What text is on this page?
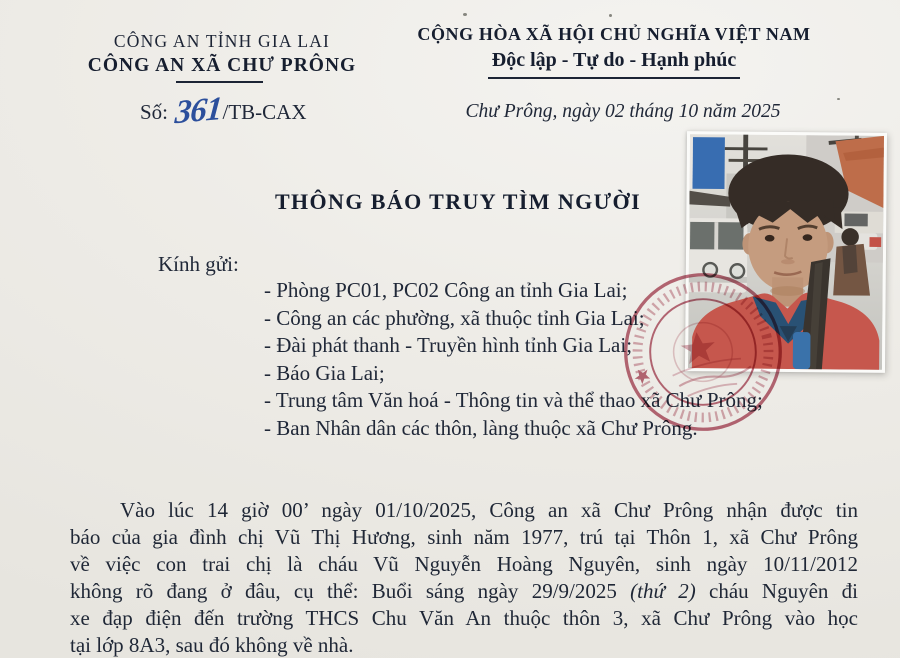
CÔNG AN TỈNH GIA LAI
CÔNG AN XÃ CHƯ PRÔNG
Số: 361 /TB-CAX
CỘNG HÒA XÃ HỘI CHỦ NGHĨA VIỆT NAM
Độc lập - Tự do - Hạnh phúc
Chư Prông, ngày 02 tháng 10 năm 2025
THÔNG BÁO TRUY TÌM NGƯỜI
Kính gửi:
- Phòng PC01, PC02 Công an tỉnh Gia Lai;
- Công an các phường, xã thuộc tỉnh Gia Lai;
- Đài phát thanh - Truyền hình tỉnh Gia Lai;
- Báo Gia Lai;
- Trung tâm Văn hoá - Thông tin và thể thao xã Chư Prông;
- Ban Nhân dân các thôn, làng thuộc xã Chư Prông.
Vào lúc 14 giờ 00’ ngày 01/10/2025, Công an xã Chư Prông nhận được tin
báo của gia đình chị Vũ Thị Hương, sinh năm 1977, trú tại Thôn 1, xã Chư Prông
về việc con trai chị là cháu Vũ Nguyễn Hoàng Nguyên, sinh ngày 10/11/2012
không rõ đang ở đâu, cụ thể: Buổi sáng ngày 29/9/2025 (thứ 2) cháu Nguyên đi
xe đạp điện đến trường THCS Chu Văn An thuộc thôn 3, xã Chư Prông vào học
tại lớp 8A3, sau đó không về nhà.
